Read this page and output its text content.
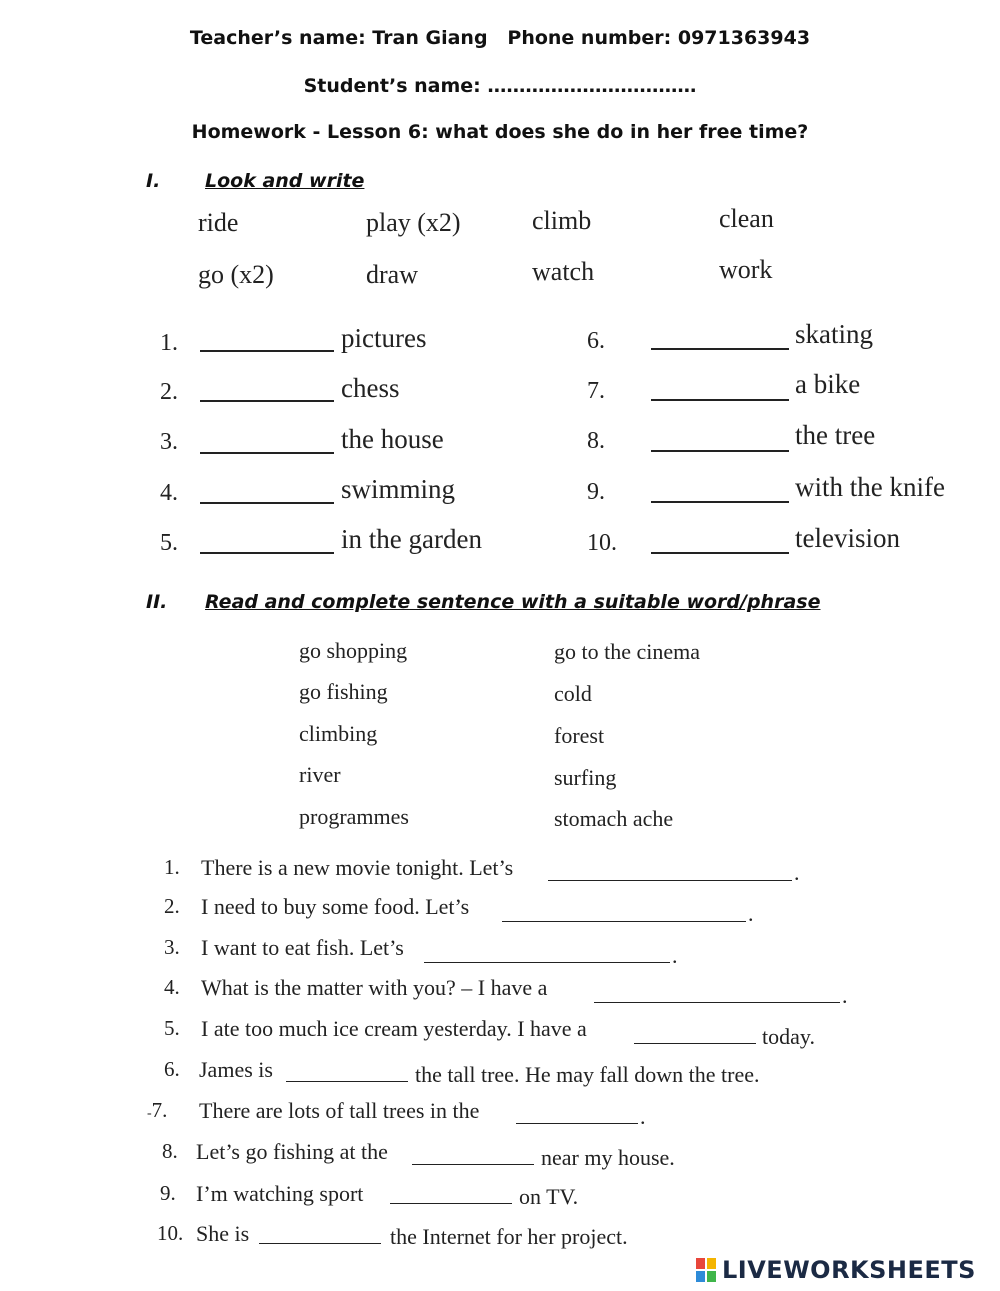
Teacher’s name: Tran Giang   Phone number: 0971363943
Student’s name: ……………………………
Homework - Lesson 6: what does she do in her free time?
I. Look and write
ride	play (x2)	climb	clean
go (x2)	draw	watch	work
1.	pictures
2.	chess
3.	the house
4.	swimming
5.	in the garden
6.	skating
7.	a bike
8.	the tree
9.	with the knife
10.	television
II. Read and complete sentence with a suitable word/phrase
go shopping	go to the cinema
go fishing	cold
climbing	forest
river	surfing
programmes	stomach ache
1. There is a new movie tonight. Let’s	.
2. I need to buy some food. Let’s	.
3. I want to eat fish. Let’s	.
4. What is the matter with you? – I have a	.
5. I ate too much ice cream yesterday. I have a	today.
6. James is	the tall tree. He may fall down the tree.
-7. There are lots of tall trees in the	.
8. Let’s go fishing at the	near my house.
9. I’m watching sport	on TV.
10. She is	the Internet for her project.
LIVEWORKSHEETS
